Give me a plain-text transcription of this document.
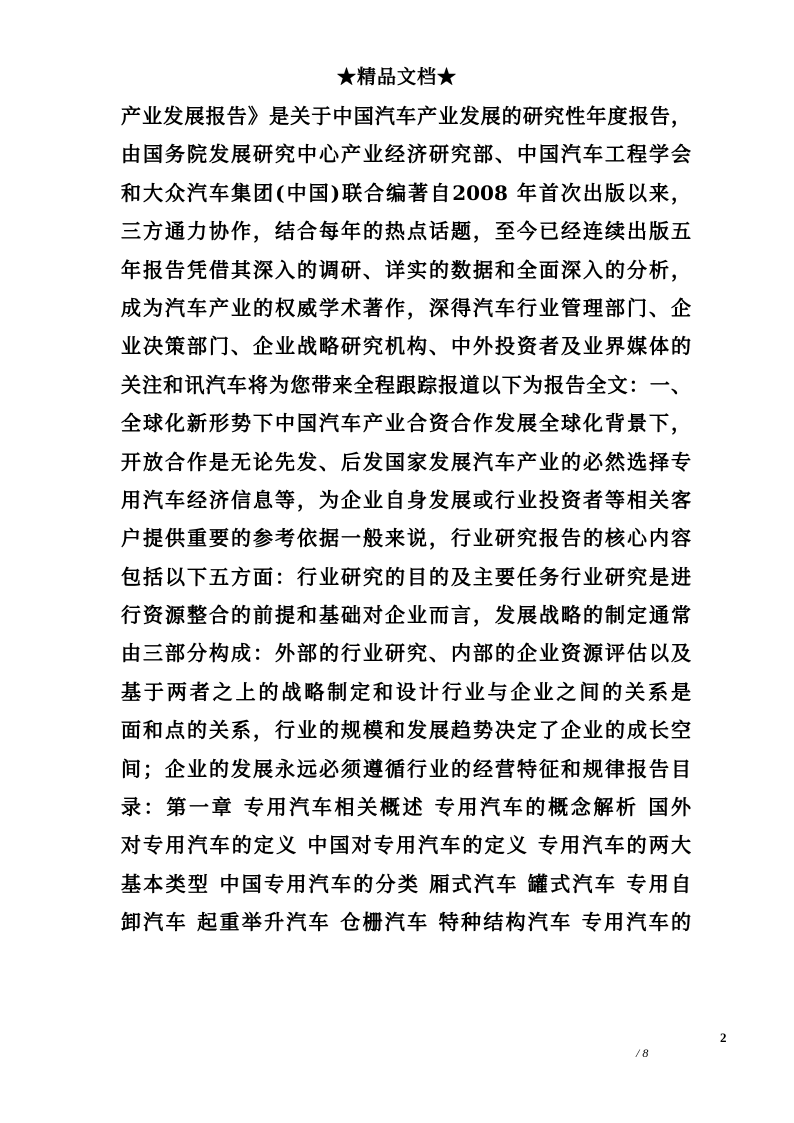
★精品文档★
产业发展报告》是关于中国汽车产业发展的研究性年度报告，
由国务院发展研究中心产业经济研究部、中国汽车工程学会
和大众汽车集团(中国)联合编著自2008 年首次出版以来，
三方通力协作，结合每年的热点话题，至今已经连续出版五
年报告凭借其深入的调研、详实的数据和全面深入的分析，
成为汽车产业的权威学术著作，深得汽车行业管理部门、企
业决策部门、企业战略研究机构、中外投资者及业界媒体的
关注和讯汽车将为您带来全程跟踪报道以下为报告全文：一、
全球化新形势下中国汽车产业合资合作发展全球化背景下，
开放合作是无论先发、后发国家发展汽车产业的必然选择专
用汽车经济信息等，为企业自身发展或行业投资者等相关客
户提供重要的参考依据一般来说，行业研究报告的核心内容
包括以下五方面：行业研究的目的及主要任务行业研究是进
行资源整合的前提和基础对企业而言，发展战略的制定通常
由三部分构成：外部的行业研究、内部的企业资源评估以及
基于两者之上的战略制定和设计行业与企业之间的关系是
面和点的关系，行业的规模和发展趋势决定了企业的成长空
间；企业的发展永远必须遵循行业的经营特征和规律报告目
录：第一章 专用汽车相关概述 专用汽车的概念解析 国外
对专用汽车的定义 中国对专用汽车的定义 专用汽车的两大
基本类型 中国专用汽车的分类 厢式汽车 罐式汽车 专用自
卸汽车 起重举升汽车 仓栅汽车 特种结构汽车 专用汽车的
2
/ 8
